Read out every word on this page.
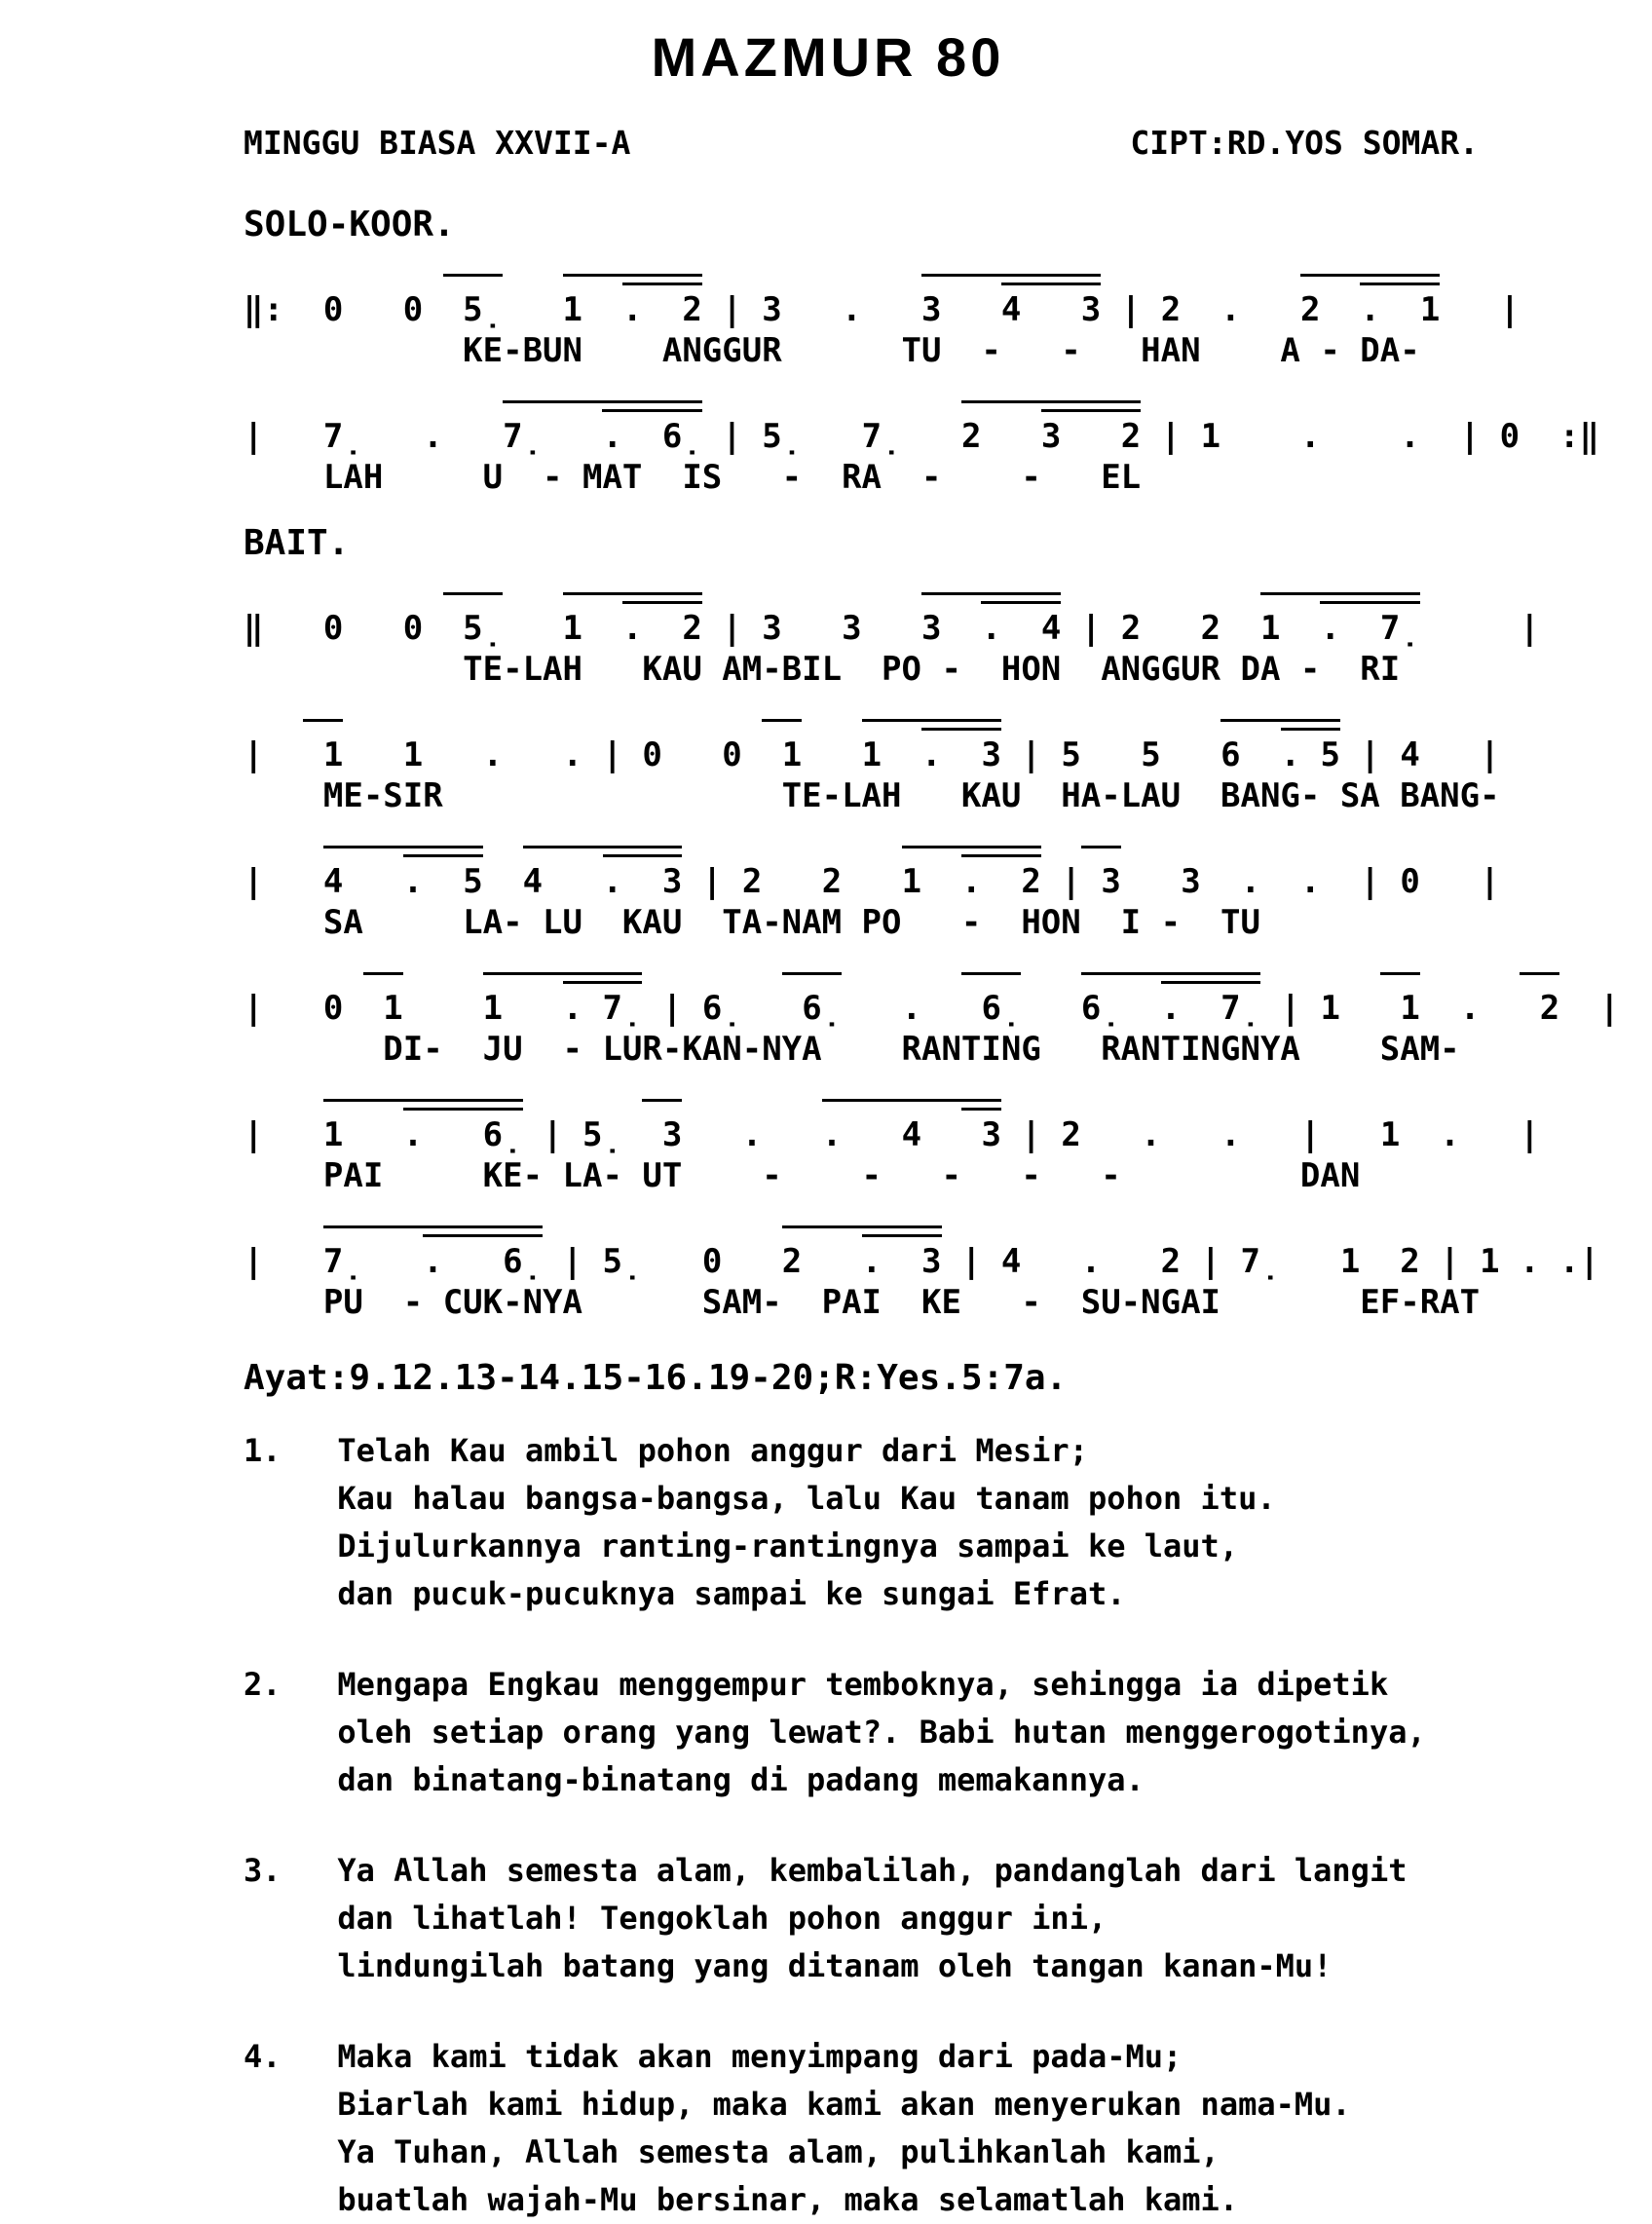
MAZMUR 80
MINGGU BIASA XXVII-A	CIPT:RD.YOS SOMAR.
SOLO-KOOR.
‖:  0   0  5̣ 1  .  2 | 3   .   3   4   3 | 2  .   2  .  1   |
KE-BUN    ANGGUR      TU  -   -   HAN    A - DA-
|   7̣   .   7̣   .  6̣ | 5̣   7̣   2   3   2 | 1    .    .  | 0  :‖
LAH     U  - MAT  IS   -  RA  -    -   EL
BAIT.
‖   0   0  5̣ 1  .  2 | 3   3   3  .  4 | 2   2  1  .  7̣     |
TE-LAH   KAU AM-BIL  PO -  HON  ANGGUR DA -  RI
|   1   1   .   . | 0   0  1 1  .  3 | 5   5   6  . 5 | 4   |
ME-SIR                 TE-LAH   KAU  HA-LAU  BANG- SA BANG-
|   4   .  5 4   .  3 | 2   2   1  .  2 | 3   3  .  .  | 0   |
SA     LA- LU  KAU  TA-NAM PO   -  HON  I -  TU
|   0  1 1   . 7̣ | 6̣   6̣   .   6̣ 6̣  .  7̣ | 1   1  .   2  |
DI-  JU  - LUR-KAN-NYA    RANTING   RANTINGNYA    SAM-
|   1   .   6̣ | 5̣  3   . .   4   3 | 2   .   .   |   1  .   |
PAI     KE- LA- UT    -    -   -   -   -         DAN
|   7̣   .   6̣ | 5̣   0   2   .  3 | 4   .   2 | 7̣   1  2 | 1 . .|
PU  - CUK-NYA      SAM-  PAI  KE   -  SU-NGAI       EF-RAT
Ayat:9.12.13-14.15-16.19-20;R:Yes.5:7a.
1.   Telah Kau ambil pohon anggur dari Mesir;
Kau halau bangsa-bangsa, lalu Kau tanam pohon itu.
Dijulurkannya ranting-rantingnya sampai ke laut,
dan pucuk-pucuknya sampai ke sungai Efrat.
2.   Mengapa Engkau menggempur temboknya, sehingga ia dipetik
oleh setiap orang yang lewat?. Babi hutan menggerogotinya,
dan binatang-binatang di padang memakannya.
3.   Ya Allah semesta alam, kembalilah, pandanglah dari langit
dan lihatlah! Tengoklah pohon anggur ini,
lindungilah batang yang ditanam oleh tangan kanan-Mu!
4.   Maka kami tidak akan menyimpang dari pada-Mu;
Biarlah kami hidup, maka kami akan menyerukan nama-Mu.
Ya Tuhan, Allah semesta alam, pulihkanlah kami,
buatlah wajah-Mu bersinar, maka selamatlah kami.
